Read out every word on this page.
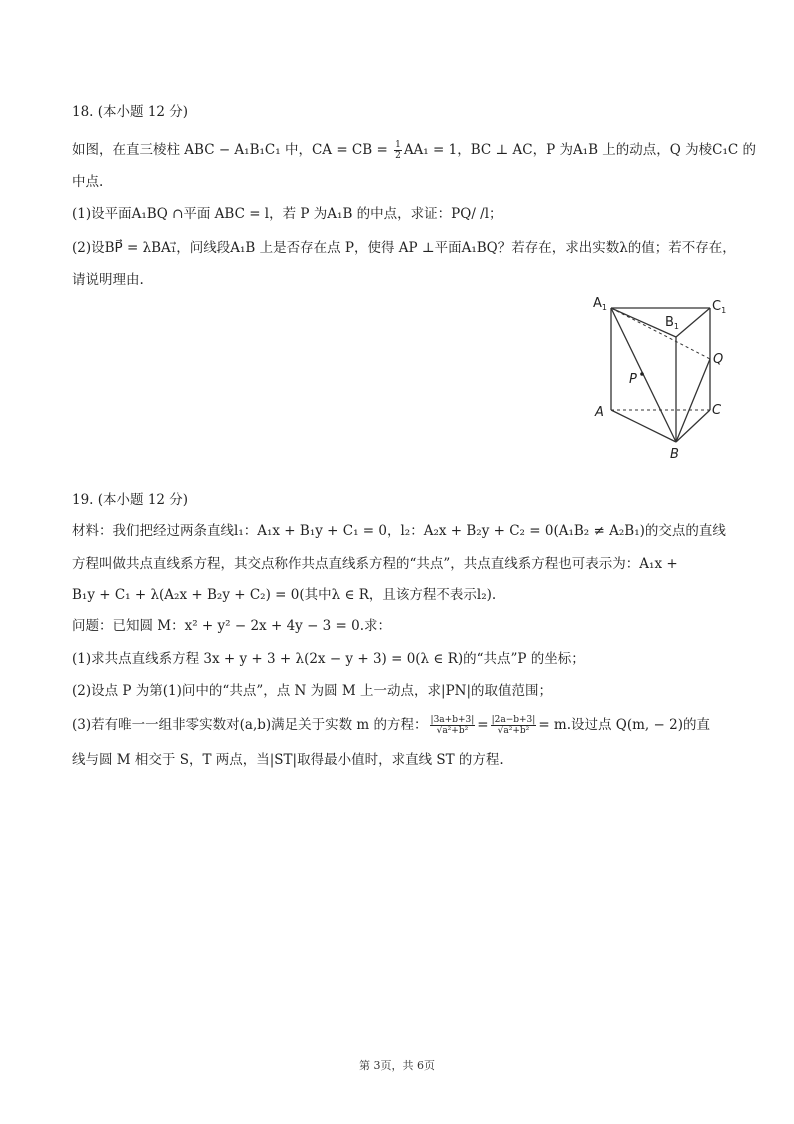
18. (本小题 12 分)
如图，在直三棱柱 ABC − A₁B₁C₁ 中，CA = CB = $\frac{1}{2} AA_1 = 1$，BC ⊥ AC，P 为A₁B 上的动点，Q 为棱C₁C 的
中点.
(1)设平面A₁BQ ∩平面 ABC = l，若 P 为A₁B 的中点，求证：PQ/ /l；
(2)设BP⃗ = λBA₁⃗，问线段A₁B 上是否存在点 P，使得 AP ⊥平面A₁BQ？若存在，求出实数λ的值；若不存在，
请说明理由.
$A_1$	$C_1$
$B_1$
Q
P
A	C
B
19. (本小题 12 分)
材料：我们把经过两条直线l₁：A₁x + B₁y + C₁ = 0，l₂：A₂x + B₂y + C₂ = 0(A₁B₂ ≠ A₂B₁)的交点的直线
方程叫做共点直线系方程，其交点称作共点直线系方程的“共点”，共点直线系方程也可表示为：A₁x +
B₁y + C₁ + λ(A₂x + B₂y + C₂) = 0(其中λ ∈ R，且该方程不表示l₂).
问题：已知圆 M：x² + y² − 2x + 4y − 3 = 0.求：
(1)求共点直线系方程 3x + y + 3 + λ(2x − y + 3) = 0(λ ∈ R)的“共点”P 的坐标；
(2)设点 P 为第(1)问中的“共点”，点 N 为圆 M 上一动点，求|PN|的取值范围；
(3)若有唯一一组非零实数对(a,b)满足关于实数 m 的方程： $\frac{|3a+b+3|}{\text{√a²+b²}} = \frac{|2a-b+3|}{\text{√a²+b²}} = m$.设过点 Q(m, − 2)的直
线与圆 M 相交于 S，T 两点，当|ST|取得最小值时，求直线 ST 的方程.
第 3页，共 6页
